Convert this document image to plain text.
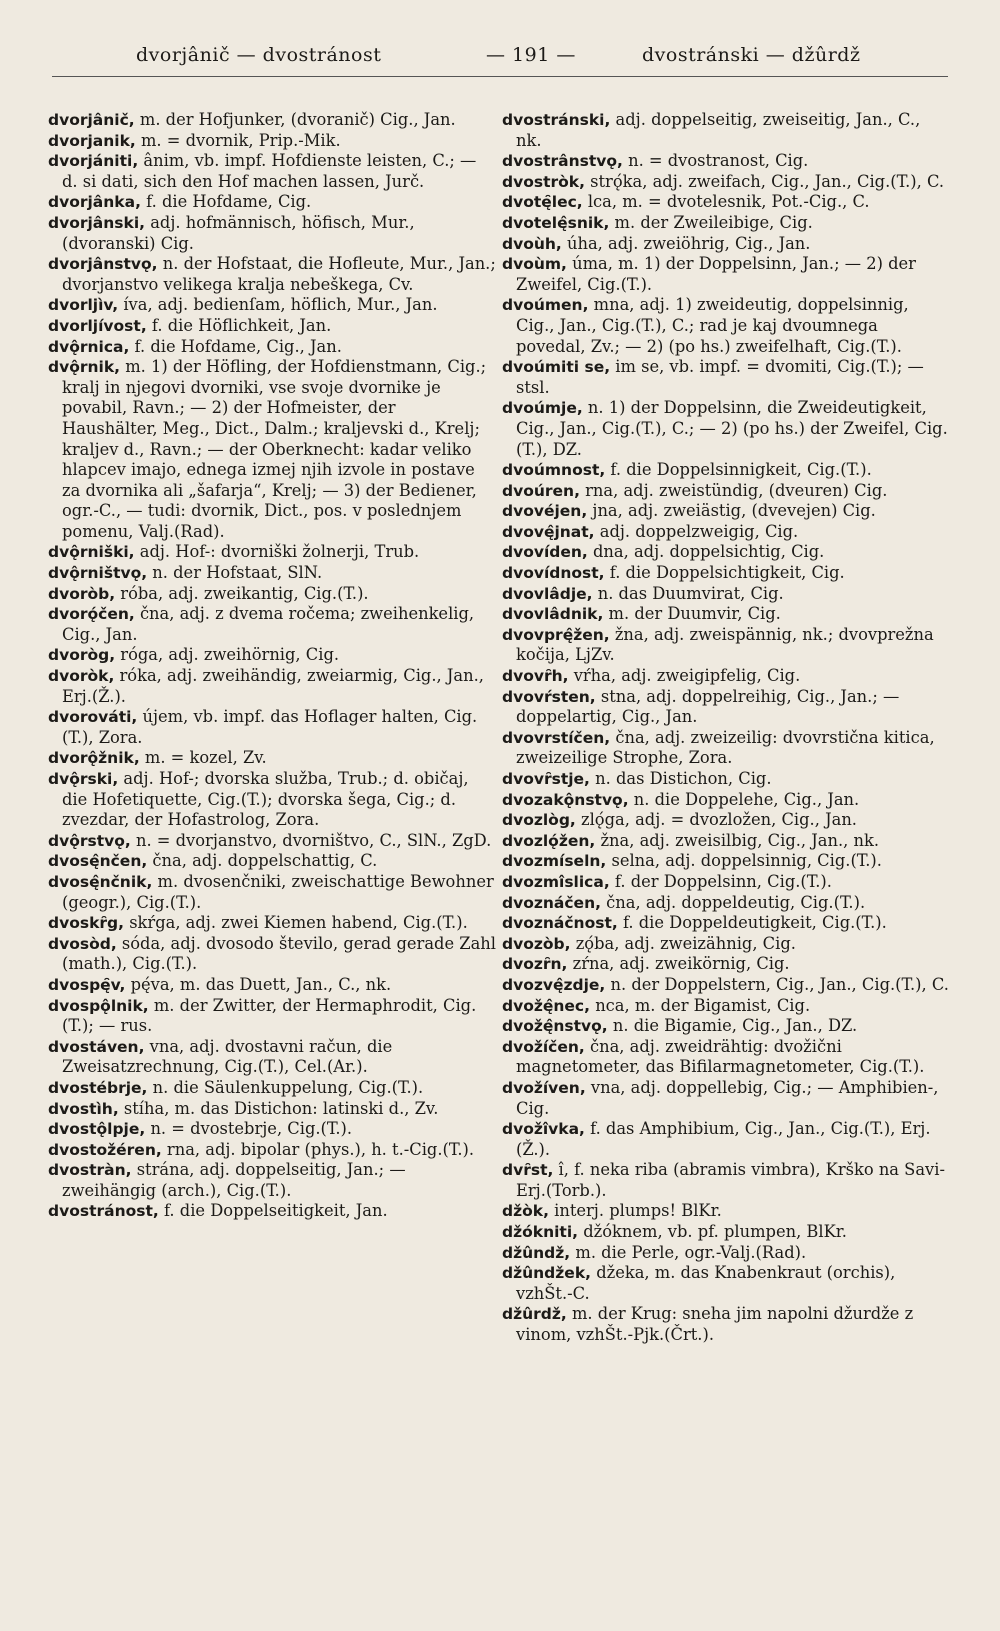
dvorjânič — dvostránost	— 191 —	dvostránski — džûrdž

dvorjânič, m. der Hofjunker, (dvoranič) Cig., Jan.

dvorjanik, m. = dvornik, Prip.-Mik.

dvorjániti, ânim, vb. impf. Hofdienste leisten, C.; — d. si dati, sich den Hof machen lassen, Jurč.

dvorjânka, f. die Hofdame, Cig.

dvorjânski, adj. hofmännisch, höfisch, Mur., (dvoranski) Cig.

dvorjânstvǫ, n. der Hofstaat, die Hofleute, Mur., Jan.; dvorjanstvo velikega kralja nebeškega, Cv.

dvorljìv, íva, adj. bedienſam, höflich, Mur., Jan.

dvorljívost, f. die Höflichkeit, Jan.

dvǫ̂rnica, f. die Hofdame, Cig., Jan.

dvǫ̂rnik, m. 1) der Höfling, der Hofdienstmann, Cig.; kralj in njegovi dvorniki, vse svoje dvornike je povabil, Ravn.; — 2) der Hofmeister, der Haushälter, Meg., Dict., Dalm.; kraljevski d., Krelj; kraljev d., Ravn.; — der Oberknecht: kadar veliko hlapcev imajo, ednega izmej njih izvole in postave za dvornika ali „šafarja“, Krelj; — 3) der Bediener, ogr.-C., — tudi: dvornik, Dict., pos. v poslednjem pomenu, Valj.(Rad).

dvǫ̂rniški, adj. Hof-: dvorniški žolnerji, Trub.

dvǫ̂rništvǫ, n. der Hofstaat, SlN.

dvoròb, róba, adj. zweikantig, Cig.(T.).

dvorǫ́čen, čna, adj. z dvema ročema; zweihenkelig, Cig., Jan.

dvoròg, róga, adj. zweihörnig, Cig.

dvoròk, róka, adj. zweihändig, zweiarmig, Cig., Jan., Erj.(Ž.).

dvorováti, újem, vb. impf. das Hoflager halten, Cig.(T.), Zora.

dvorǫ̂žnik, m. = kozel, Zv.

dvǫ̂rski, adj. Hof-; dvorska služba, Trub.; d. običaj, die Hofetiquette, Cig.(T.); dvorska šega, Cig.; d. zvezdar, der Hofastrolog, Zora.

dvǫ̂rstvǫ, n. = dvorjanstvo, dvorništvo, C., SlN., ZgD.

dvosę̂nčen, čna, adj. doppelschattig, C.

dvosę̂nčnik, m. dvosenčniki, zweischattige Bewohner (geogr.), Cig.(T.).

dvoskȓg, skŕga, adj. zwei Kiemen habend, Cig.(T.).

dvosòd, sóda, adj. dvosodo število, gerad gerade Zahl (math.), Cig.(T.).

dvospę̑v, pę́va, m. das Duett, Jan., C., nk.

dvospǫ̂lnik, m. der Zwitter, der Hermaphrodit, Cig.(T.); — rus.

dvostáven, vna, adj. dvostavni račun, die Zweisatzrechnung, Cig.(T.), Cel.(Ar.).

dvostébrje, n. die Säulenkuppelung, Cig.(T.).

dvostìh, stíha, m. das Distichon: latinski d., Zv.

dvostǫ̂lpje, n. = dvostebrje, Cig.(T.).

dvostožéren, rna, adj. bipolar (phys.), h. t.-Cig.(T.).

dvostràn, strána, adj. doppelseitig, Jan.; — zweihängig (arch.), Cig.(T.).

dvostránost, f. die Doppelseitigkeit, Jan.

dvostránski, adj. doppelseitig, zweiseitig, Jan., C., nk.

dvostrânstvǫ, n. = dvostranost, Cig.

dvostròk, strǫ́ka, adj. zweifach, Cig., Jan., Cig.(T.), C.

dvotę̑lec, lca, m. = dvotelesnik, Pot.-Cig., C.

dvotelę̂snik, m. der Zweileibige, Cig.

dvoùh, úha, adj. zweiöhrig, Cig., Jan.

dvoùm, úma, m. 1) der Doppelsinn, Jan.; — 2) der Zweifel, Cig.(T.).

dvoúmen, mna, adj. 1) zweideutig, doppelsinnig, Cig., Jan., Cig.(T.), C.; rad je kaj dvoumnega povedal, Zv.; — 2) (po hs.) zweifelhaft, Cig.(T.).

dvoúmiti se, im se, vb. impf. = dvomiti, Cig.(T.); — stsl.

dvoúmje, n. 1) der Doppelsinn, die Zweideutigkeit, Cig., Jan., Cig.(T.), C.; — 2) (po hs.) der Zweifel, Cig.(T.), DZ.

dvoúmnost, f. die Doppelsinnigkeit, Cig.(T.).

dvoúren, rna, adj. zweistündig, (dveuren) Cig.

dvovéjen, jna, adj. zweiästig, (dvevejen) Cig.

dvovę̂jnat, adj. doppelzweigig, Cig.

dvovíden, dna, adj. doppelsichtig, Cig.

dvovídnost, f. die Doppelsichtigkeit, Cig.

dvovlâdje, n. das Duumvirat, Cig.

dvovlâdnik, m. der Duumvir, Cig.

dvovprę̂žen, žna, adj. zweispännig, nk.; dvovprežna kočija, LjZv.

dvovȓh, vŕha, adj. zweigipfelig, Cig.

dvovŕsten, stna, adj. doppelreihig, Cig., Jan.; — doppelartig, Cig., Jan.

dvovrstíčen, čna, adj. zweizeilig: dvovrstična kitica, zweizeilige Strophe, Zora.

dvovȓstje, n. das Distichon, Cig.

dvozakǫ̂nstvǫ, n. die Doppelehe, Cig., Jan.

dvozlòg, zlǫ́ga, adj. = dvozložen, Cig., Jan.

dvozlǫ́žen, žna, adj. zweisilbig, Cig., Jan., nk.

dvozmíseln, selna, adj. doppelsinnig, Cig.(T.).

dvozmîslica, f. der Doppelsinn, Cig.(T.).

dvoznáčen, čna, adj. doppeldeutig, Cig.(T.).

dvoznáčnost, f. die Doppeldeutigkeit, Cig.(T.).

dvozòb, zǫ́ba, adj. zweizähnig, Cig.

dvozȓn, zŕna, adj. zweikörnig, Cig.

dvozvę̂zdje, n. der Doppelstern, Cig., Jan., Cig.(T.), C.

dvožę̂nec, nca, m. der Bigamist, Cig.

dvožę̂nstvǫ, n. die Bigamie, Cig., Jan., DZ.

dvožíčen, čna, adj. zweidrähtig: dvožični magnetometer, das Bifilarmagnetometer, Cig.(T.).

dvožíven, vna, adj. doppellebig, Cig.; — Amphibien-, Cig.

dvožîvka, f. das Amphibium, Cig., Jan., Cig.(T.), Erj.(Ž.).

dvȓst, î, f. neka riba (abramis vimbra), Krško na Savi-Erj.(Torb.).

džòk, interj. plumps! BlKr.

džókniti, džóknem, vb. pf. plumpen, BlKr.

džûndž, m. die Perle, ogr.-Valj.(Rad).

džûndžek, džeka, m. das Knabenkraut (orchis), vzhŠt.-C.

džûrdž, m. der Krug: sneha jim napolni džurdže z vinom, vzhŠt.-Pjk.(Črt.).
